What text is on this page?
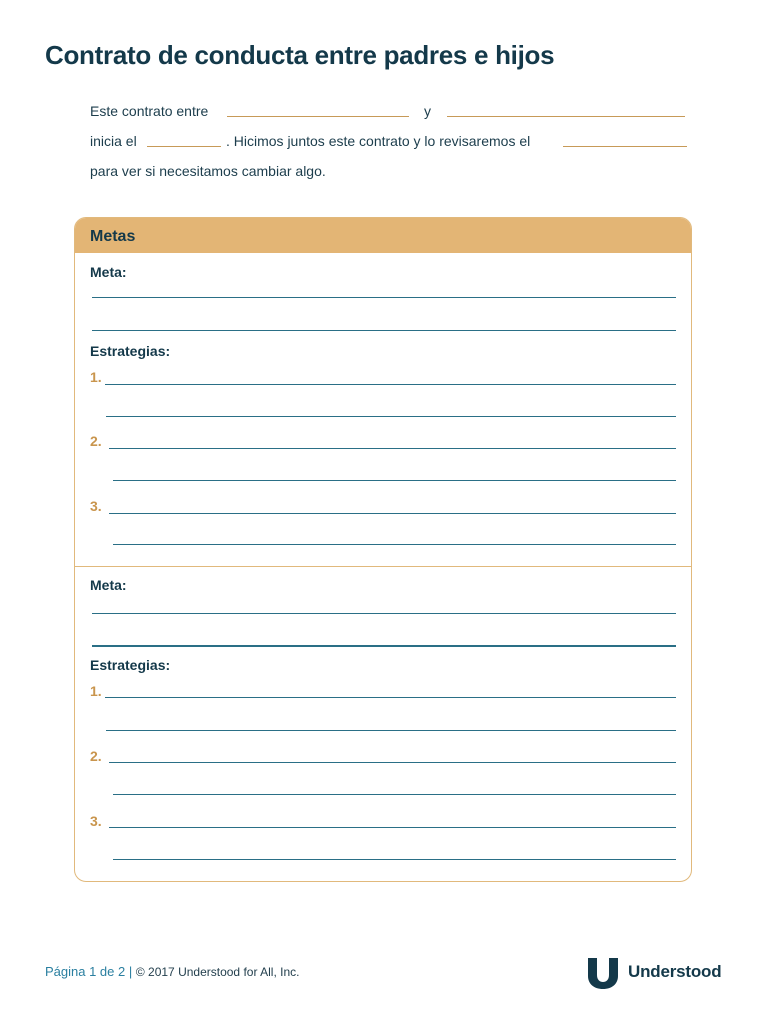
Contrato de conducta entre padres e hijos
Este contrato entre	y
inicia el	. Hicimos juntos este contrato y lo revisaremos el
para ver si necesitamos cambiar algo.
Metas
Meta:
Estrategias:
1.
2.
3.
Meta:
Estrategias:
1.
2.
3.
Página 1 de 2 | © 2017 Understood for All, Inc.	Understood
